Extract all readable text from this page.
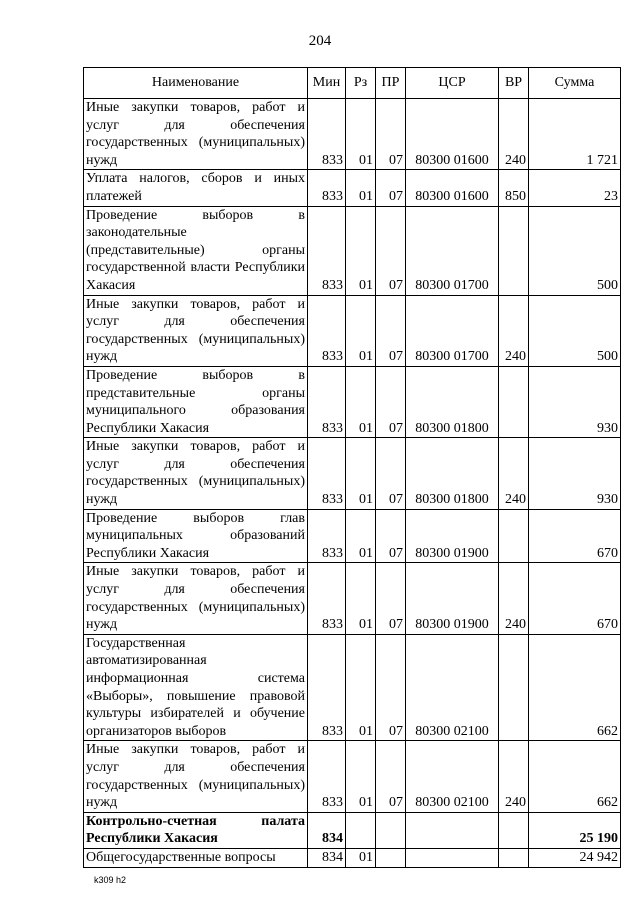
204
Наименование	Мин	Рз	ПР	ЦСР	ВР	Сумма
Иные закупки товаров, работ и услуг для обеспечения государственных (муниципальных) нужд	833	01	07	80300 01600	240	1 721
Уплата налогов, сборов и иных платежей	833	01	07	80300 01600	850	23
Проведение выборов в законодательные (представительные) органы государственной власти Республики Хакасия	833	01	07	80300 01700		500
Иные закупки товаров, работ и услуг для обеспечения государственных (муниципальных) нужд	833	01	07	80300 01700	240	500
Проведение выборов в представительные органы муниципального образования Республики Хакасия	833	01	07	80300 01800		930
Иные закупки товаров, работ и услуг для обеспечения государственных (муниципальных) нужд	833	01	07	80300 01800	240	930
Проведение выборов глав муниципальных образований Республики Хакасия	833	01	07	80300 01900		670
Иные закупки товаров, работ и услуг для обеспечения государственных (муниципальных) нужд	833	01	07	80300 01900	240	670
Государственная автоматизированная информационная система «Выборы», повышение правовой культуры избирателей и обучение организаторов выборов	833	01	07	80300 02100		662
Иные закупки товаров, работ и услуг для обеспечения государственных (муниципальных) нужд	833	01	07	80300 02100	240	662
Контрольно-счетная палата Республики Хакасия	834					25 190
Общегосударственные вопросы	834	01				24 942
k309 h2
